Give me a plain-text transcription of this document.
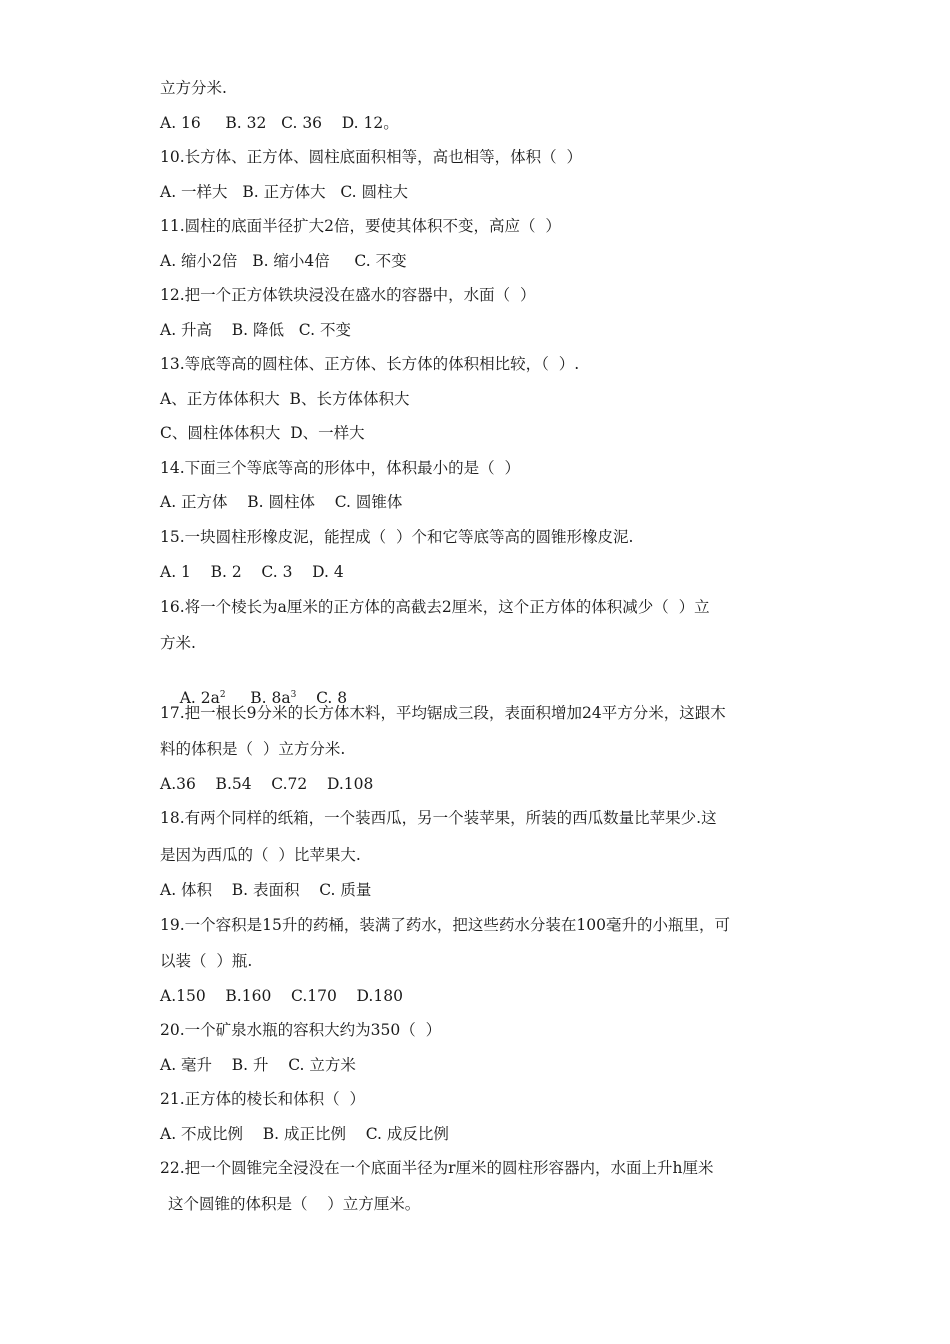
立方分米.
A. 16     B. 32   C. 36    D. 12。
10.长方体、正方体、圆柱底面积相等，高也相等，体积（  ）
A. 一样大   B. 正方体大   C. 圆柱大
11.圆柱的底面半径扩大2倍，要使其体积不变，高应（  ）
A. 缩小2倍   B. 缩小4倍     C. 不变
12.把一个正方体铁块浸没在盛水的容器中，水面（  ）
A. 升高    B. 降低   C. 不变
13.等底等高的圆柱体、正方体、长方体的体积相比较，（  ）.
A、正方体体积大  B、长方体体积大
C、圆柱体体积大  D、一样大
14.下面三个等底等高的形体中，体积最小的是（  ）
A. 正方体    B. 圆柱体    C. 圆锥体
15.一块圆柱形橡皮泥，能捏成（  ）个和它等底等高的圆锥形橡皮泥.
A. 1    B. 2    C. 3    D. 4
16.将一个棱长为a厘米的正方体的高截去2厘米，这个正方体的体积减少（  ）立
方米.

A. $2a^2$ B. $8a^3$ C. 8

17.把一根长9分米的长方体木料，平均锯成三段，表面积增加24平方分米，这跟木
料的体积是（  ）立方分米.
A.36    B.54    C.72    D.108
18.有两个同样的纸箱，一个装西瓜，另一个装苹果，所装的西瓜数量比苹果少.这
是因为西瓜的（  ）比苹果大.
A. 体积    B. 表面积    C. 质量
19.一个容积是15升的药桶，装满了药水，把这些药水分装在100毫升的小瓶里，可
以装（  ）瓶.
A.150    B.160    C.170    D.180
20.一个矿泉水瓶的容积大约为350（  ）
A. 毫升    B. 升    C. 立方米
21.正方体的棱长和体积（  ）
A. 不成比例    B. 成正比例    C. 成反比例
22.把一个圆锥完全浸没在一个底面半径为r厘米的圆柱形容器内，水面上升h厘米
这个圆锥的体积是（    ）立方厘米。
